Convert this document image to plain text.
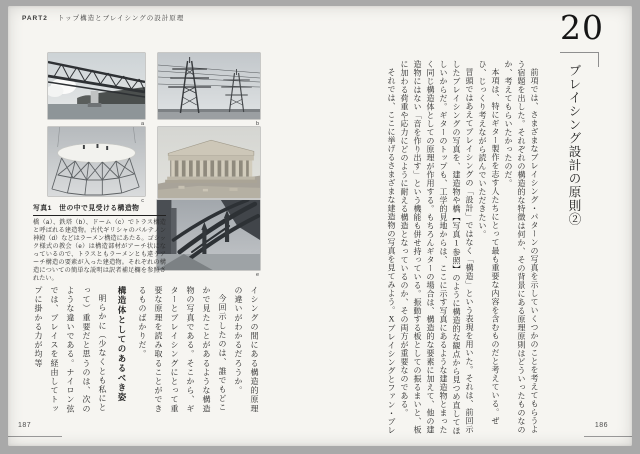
PART2 トップ構造とブレイシングの設計原理
a	b
c
e
写真1　世の中で見受ける構造物
橋（a）、鉄塔（b）、ドーム（c）でトラス構造と呼ばれる建造物。古代ギリシャのパルテノン神殿（d）などはラーメン構造にあたる。ゴシック様式の教会（e）は構造部材がアーチ状になっているので、トラスともラーメンとも違うアーチ構造の要素が入った建造物。それぞれの構造についての簡単な説明は訳者補足欄を参照されたい。

イシングの間にある構造的原理の違いがわかるだろうか。

今回示したのは、誰でもどこかで見たことがあるような構造物の写真である。そこから、ギターとブレイシングにとって重要な原理を読み取ることができるものばかりだ。

構造体としてのあるべき姿

明らかに（少なくとも私にとって）重要だと思うのは、次のような違いである。ナイロン弦では、ブレイスを経由してトップに掛かる力が均等

20
ブレイシング設計の原則②

前項では、さまざまなブレイシング・パターンの写真を示していくつかのことを考えてもらうよう宿題を出した。それぞれの構造的な特徴は何か、その背景にある原理原則はどういったものなのか、考えてもらいたかったのだ。

本項は、特にギター製作を志す人たちにとって最も重要な内容を含むものだと考えている。ぜひ、じっくり考えながら読んでいただきたい。

冒頭ではあえてブレイシングの「設計」ではなく「構造」という表現を用いた。それは、前回示したブレイシングの写真を、建造物や橋【写真1参照】のように構造的な観点から見つめ直してほしいからだ。ギターのトップも、工学的見地からは、ここに示す写真にあるような建造物とまったく同じ構造体としての原理が作用する。もちろんギターの場合は、構造的な要素に加えて、他の建造物にはない「音を作り出す」という機能も併せ持っている。振動する板としての振るまいと、板に加わる荷重や応力にどのように耐える構造となっているのか、その両方が重要なのである。

それでは、ここに挙げるさまざまな建造物の写真を見てみよう。Xブレイシングとファン・ブレ

187	186
